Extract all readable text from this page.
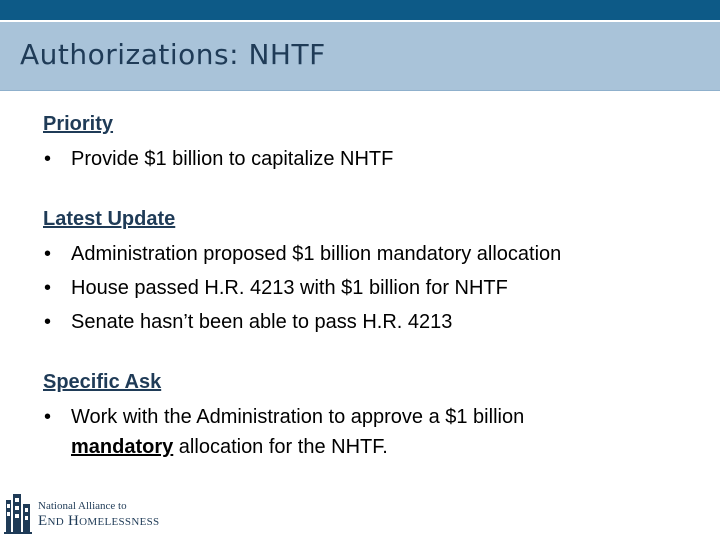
Authorizations: NHTF
Priority
• Provide $1 billion to capitalize NHTF
Latest Update
• Administration proposed $1 billion mandatory allocation
• House passed H.R. 4213 with $1 billion for NHTF
• Senate hasn’t been able to pass H.R. 4213
Specific Ask
• Work with the Administration to approve a $1 billion
mandatory allocation for the NHTF.
National Alliance to
End Homelessness
